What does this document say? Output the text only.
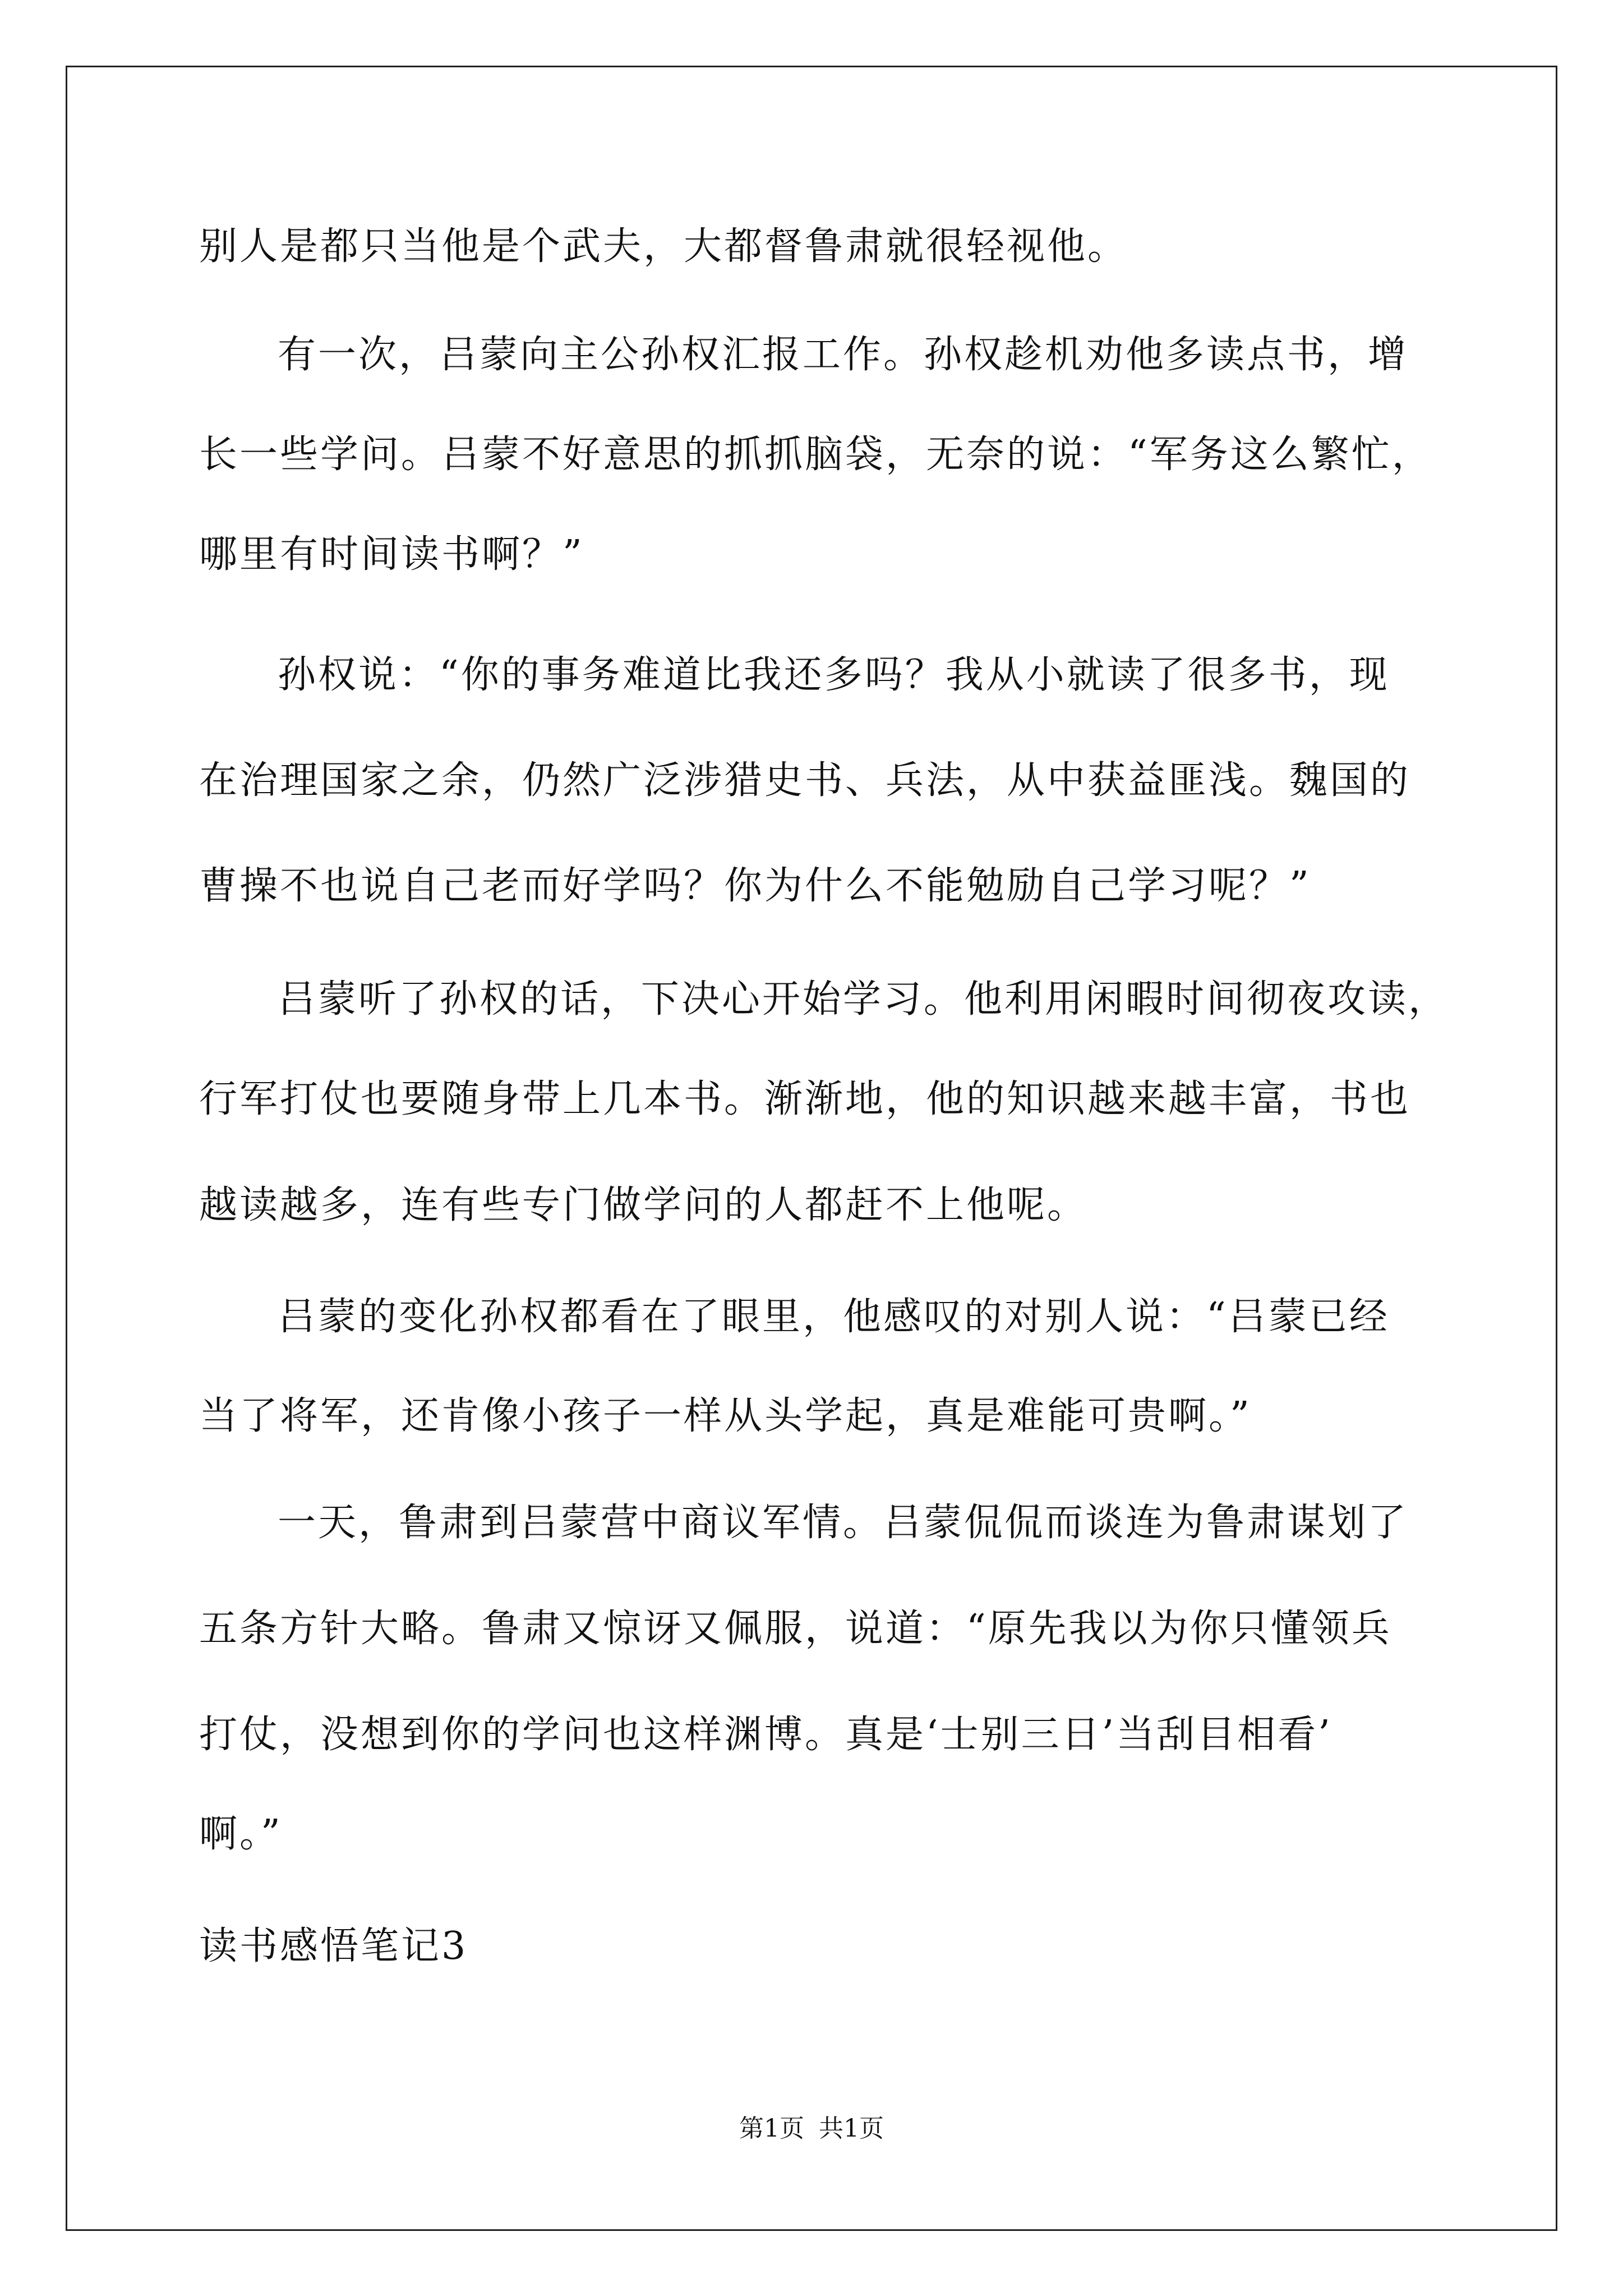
别人是都只当他是个武夫，大都督鲁肃就很轻视他。
有一次，吕蒙向主公孙权汇报工作。孙权趁机劝他多读点书，增
长一些学问。吕蒙不好意思的抓抓脑袋，无奈的说：“军务这么繁忙，
哪里有时间读书啊？”
孙权说：“你的事务难道比我还多吗？我从小就读了很多书，现
在治理国家之余，仍然广泛涉猎史书、兵法，从中获益匪浅。魏国的
曹操不也说自己老而好学吗？你为什么不能勉励自己学习呢？”
吕蒙听了孙权的话，下决心开始学习。他利用闲暇时间彻夜攻读，
行军打仗也要随身带上几本书。渐渐地，他的知识越来越丰富，书也
越读越多，连有些专门做学问的人都赶不上他呢。
吕蒙的变化孙权都看在了眼里，他感叹的对别人说：“吕蒙已经
当了将军，还肯像小孩子一样从头学起，真是难能可贵啊。”
一天，鲁肃到吕蒙营中商议军情。吕蒙侃侃而谈连为鲁肃谋划了
五条方针大略。鲁肃又惊讶又佩服，说道：“原先我以为你只懂领兵
打仗，没想到你的学问也这样渊博。真是‘士别三日’当刮目相看’
啊。”
读书感悟笔记3
第1页 共1页
